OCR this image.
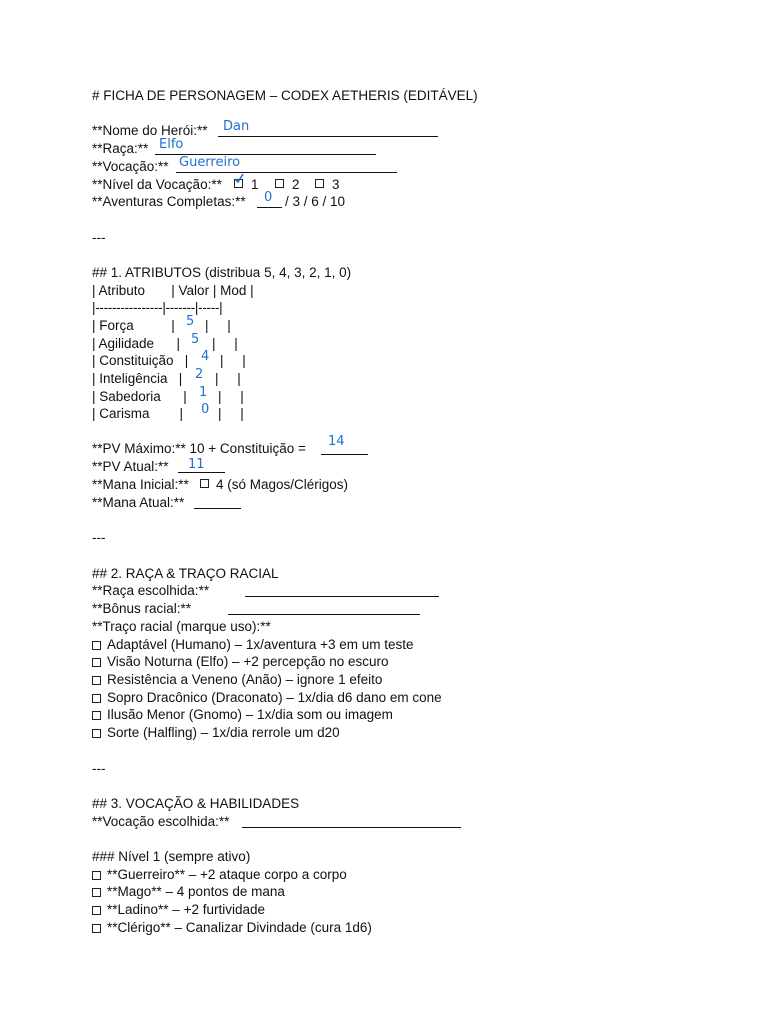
# FICHA DE PERSONAGEM – CODEX AETHERIS (EDITÁVEL)
**Nome do Herói:** Dan
**Raça:** Elfo
**Vocação:** Guerreiro
**Nível da Vocação:** 1 2 3
**Aventuras Completas:** 0 / 3 / 6 / 10
---
## 1. ATRIBUTOS (distribua 5, 4, 3, 2, 1, 0)
| Atributo       | Valor | Mod |
|----------------|-------|-----|
| Força          | 5 |     |
| Agilidade      | 5 |     |
| Constituição   | 4 |     |
| Inteligência   | 2 |     |
| Sabedoria      | 1 |     |
| Carisma        | 0 |     |
**PV Máximo:** 10 + Constituição = 14
**PV Atual:** 11
**Mana Inicial:** 4 (só Magos/Clérigos)
**Mana Atual:**
---
## 2. RAÇA & TRAÇO RACIAL
**Raça escolhida:**
**Bônus racial:**
**Traço racial (marque uso):**
Adaptável (Humano) – 1x/aventura +3 em um teste
Visão Noturna (Elfo) – +2 percepção no escuro
Resistência a Veneno (Anão) – ignore 1 efeito
Sopro Dracônico (Draconato) – 1x/dia d6 dano em cone
Ilusão Menor (Gnomo) – 1x/dia som ou imagem
Sorte (Halfling) – 1x/dia rerrole um d20
---
## 3. VOCAÇÃO & HABILIDADES
**Vocação escolhida:**
### Nível 1 (sempre ativo)
**Guerreiro** – +2 ataque corpo a corpo
**Mago** – 4 pontos de mana
**Ladino** – +2 furtividade
**Clérigo** – Canalizar Divindade (cura 1d6)
